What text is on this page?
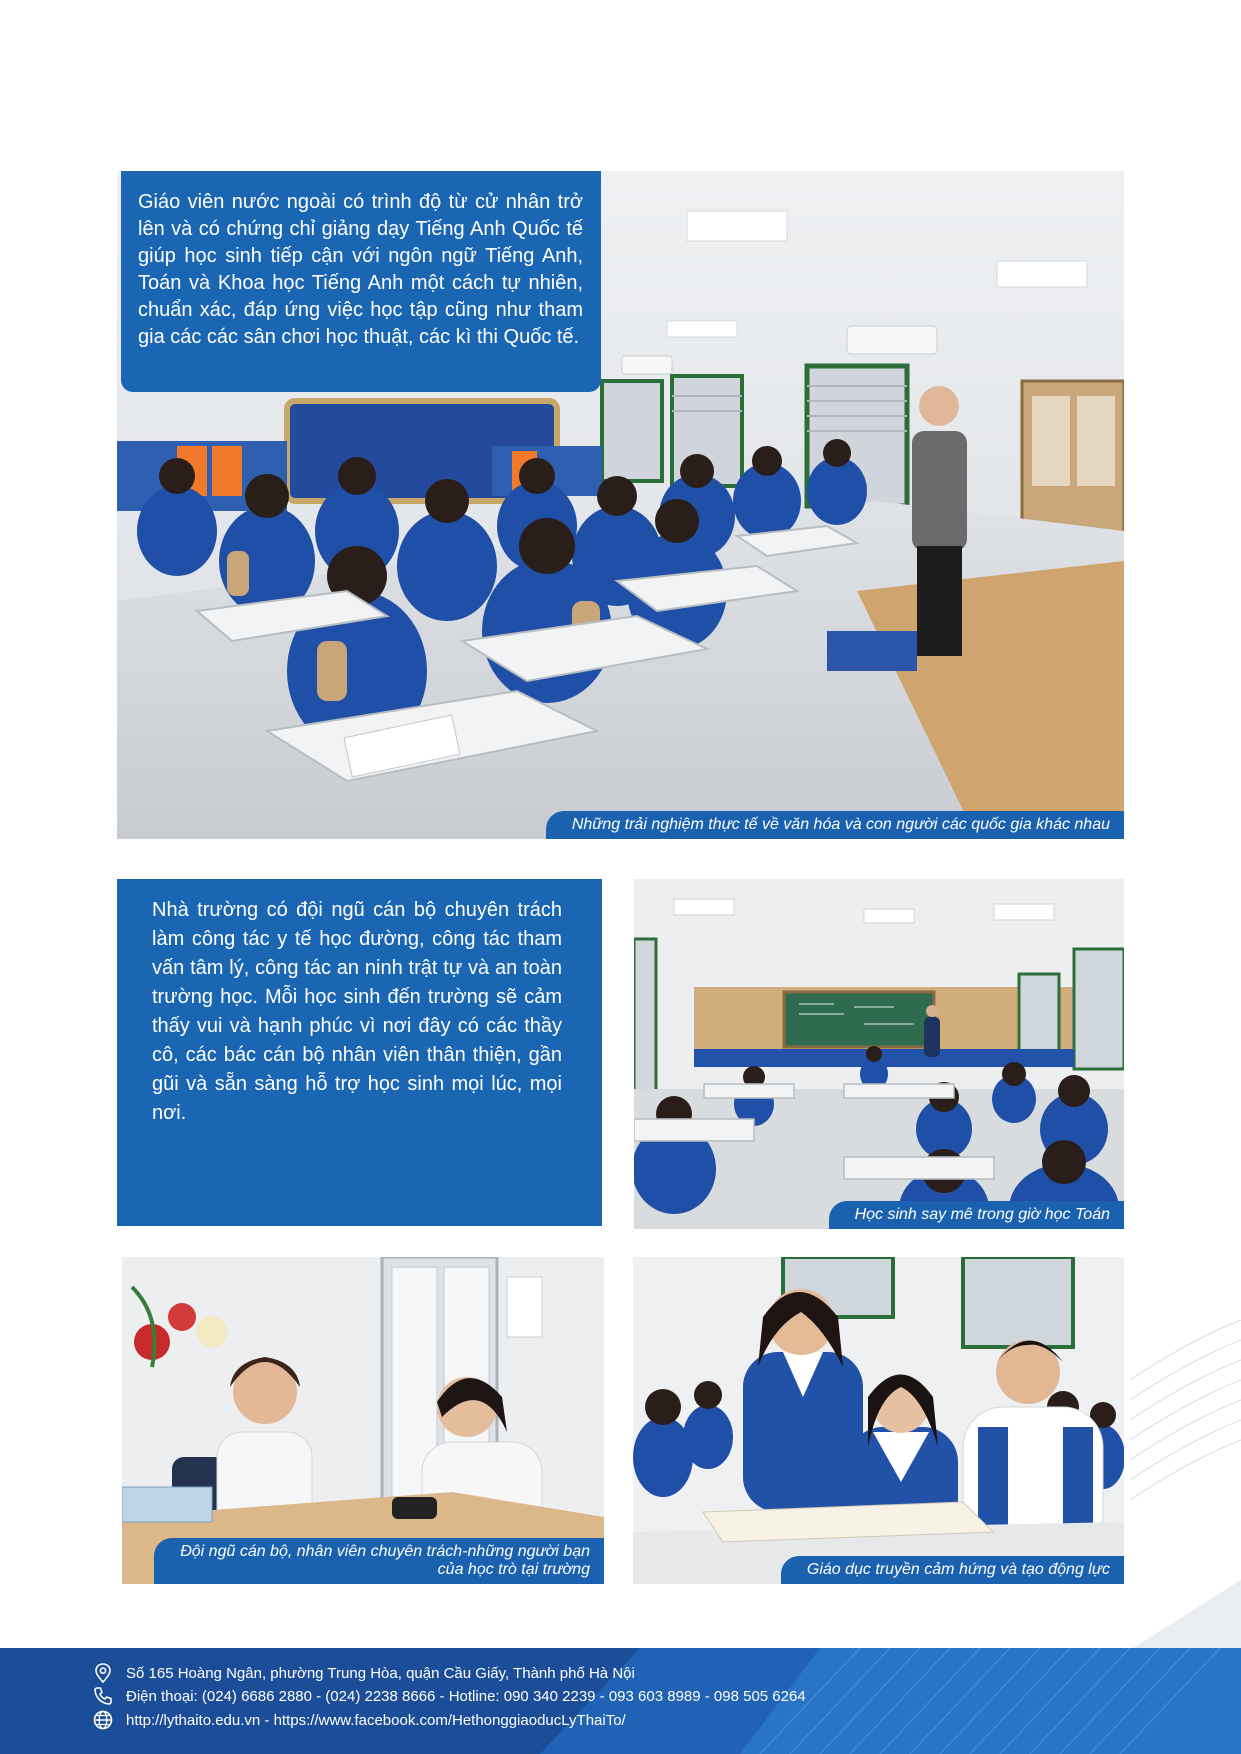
Những trải nghiệm thực tế về văn hóa và con người các quốc gia khác nhau

Giáo viên nước ngoài có trình độ từ cử nhân trở lên và có chứng chỉ giảng dạy Tiếng Anh Quốc tế giúp học sinh tiếp cận với ngôn ngữ Tiếng Anh, Toán và Khoa học Tiếng Anh một cách tự nhiên, chuẩn xác, đáp ứng việc học tập cũng như tham gia các các sân chơi học thuật, các kì thi Quốc tế.

Nhà trường có đội ngũ cán bộ chuyên trách làm công tác y tế học đường, công tác tham vấn tâm lý, công tác an ninh trật tự và an toàn trường học. Mỗi học sinh đến trường sẽ cảm thấy vui và hạnh phúc vì nơi đây có các thầy cô, các bác cán bộ nhân viên thân thiện, gần gũi và sẵn sàng hỗ trợ học sinh mọi lúc, mọi nơi.

Học sinh say mê trong giờ học Toán
Đội ngũ cán bộ, nhân viên chuyên trách-những người bạn
của học trò tại trường	Giáo dục truyền cảm hứng và tạo động lực
Số 165 Hoàng Ngân, phường Trung Hòa, quận Cầu Giấy, Thành phố Hà Nội
Điện thoại: (024) 6686 2880 - (024) 2238 8666 - Hotline: 090 340 2239 - 093 603 8989 - 098 505 6264
http://lythaito.edu.vn - https://www.facebook.com/HethonggiaoducLyThaiTo/
